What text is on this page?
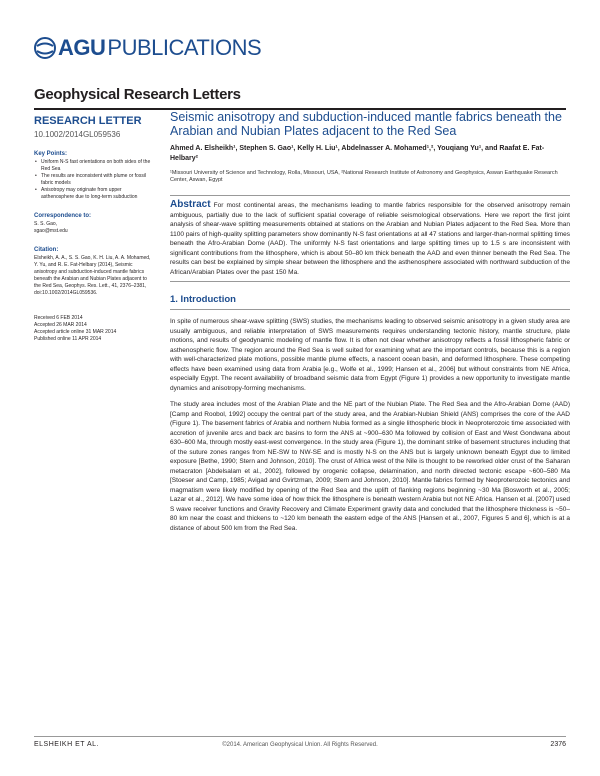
AGU PUBLICATIONS
Geophysical Research Letters
RESEARCH LETTER
10.1002/2014GL059536
Key Points:
• Uniform N-S fast orientations on both sides of the Red Sea
• The results are inconsistent with plume or fossil fabric models
• Anisotropy may originate from upper asthenosphere due to long-term subduction
Correspondence to:
S. S. Gao,
sgao@mst.edu
Citation:
Elsheikh, A. A., S. S. Gao, K. H. Liu, A. A. Mohamed, Y. Yu, and R. E. Fat-Helbary (2014), Seismic anisotropy and subduction-induced mantle fabrics beneath the Arabian and Nubian Plates adjacent to the Red Sea, Geophys. Res. Lett., 41, 2376–2381, doi:10.1002/2014GL059536.
Received 6 FEB 2014
Accepted 26 MAR 2014
Accepted article online 31 MAR 2014
Published online 11 APR 2014
Seismic anisotropy and subduction-induced mantle fabrics beneath the Arabian and Nubian Plates adjacent to the Red Sea
Ahmed A. Elsheikh¹, Stephen S. Gao¹, Kelly H. Liu¹, Abdelnasser A. Mohamed¹,², Youqiang Yu¹, and Raafat E. Fat-Helbary²
¹Missouri University of Science and Technology, Rolla, Missouri, USA, ²National Research Institute of Astronomy and Geophysics, Aswan Earthquake Research Center, Aswan, Egypt
Abstract For most continental areas, the mechanisms leading to mantle fabrics responsible for the observed anisotropy remain ambiguous, partially due to the lack of sufficient spatial coverage of reliable seismological observations. Here we report the first joint analysis of shear-wave splitting measurements obtained at stations on the Arabian and Nubian Plates adjacent to the Red Sea. More than 1100 pairs of high-quality splitting parameters show dominantly N-S fast orientations at all 47 stations and larger-than-normal splitting times beneath the Afro-Arabian Dome (AAD). The uniformly N-S fast orientations and large splitting times up to 1.5 s are inconsistent with significant contributions from the lithosphere, which is about 50–80 km thick beneath the AAD and even thinner beneath the Red Sea. The results can best be explained by simple shear between the lithosphere and the asthenosphere associated with northward subduction of the African/Arabian Plates over the past 150 Ma.
1. Introduction
In spite of numerous shear-wave splitting (SWS) studies, the mechanisms leading to observed seismic anisotropy in a given study area are usually ambiguous, and reliable interpretation of SWS measurements requires understanding tectonic history, mantle structure, plate motions, and results of geodynamic modeling of mantle flow. It is often not clear whether anisotropy reflects a fossil lithospheric fabric or asthenospheric flow. The region around the Red Sea is well suited for examining what are the important controls, because this is a region with well-characterized plate motions, possible mantle plume effects, a nascent ocean basin, and deformed lithosphere. These competing effects have been examined using data from Arabia [e.g., Wolfe et al., 1999; Hansen et al., 2006] but without constraints from NE Africa, especially Egypt. The recent availability of broadband seismic data from Egypt (Figure 1) provides a new opportunity to investigate mantle dynamics and anisotropy-forming mechanisms.
The study area includes most of the Arabian Plate and the NE part of the Nubian Plate. The Red Sea and the Afro-Arabian Dome (AAD) [Camp and Roobol, 1992] occupy the central part of the study area, and the Arabian-Nubian Shield (ANS) comprises the core of the AAD (Figure 1). The basement fabrics of Arabia and northern Nubia formed as a single lithospheric block in Neoproterozoic time associated with accretion of juvenile arcs and back arc basins to form the ANS at ~900–630 Ma followed by collision of East and West Gondwana about 630–600 Ma, through mostly east-west convergence. In the study area (Figure 1), the dominant strike of basement structures including that of the suture zones ranges from NE-SW to NW-SE and is mostly N-S on the ANS but is largely unknown beneath Egypt due to limited exposure [Bethe, 1990; Stern and Johnson, 2010]. The crust of Africa west of the Nile is thought to be reworked older crust of the Saharan metacraton [Abdelsalam et al., 2002], followed by orogenic collapse, delamination, and north directed tectonic escape ~600–580 Ma [Stoeser and Camp, 1985; Avigad and Gvirtzman, 2009; Stern and Johnson, 2010]. Mantle fabrics formed by Neoproterozoic tectonics and magmatism were likely modified by opening of the Red Sea and the uplift of flanking regions beginning ~30 Ma [Bosworth et al., 2005; Lazar et al., 2012]. We have some idea of how thick the lithosphere is beneath western Arabia but not NE Africa. Hansen et al. [2007] used S wave receiver functions and Gravity Recovery and Climate Experiment gravity data and concluded that the lithosphere thickness is ~50–80 km near the coast and thickens to ~120 km beneath the eastern edge of the ANS [Hansen et al., 2007, Figures 5 and 6], which is at a distance of about 500 km from the Red Sea.
ELSHEIKH ET AL.	©2014. American Geophysical Union. All Rights Reserved.	2376
